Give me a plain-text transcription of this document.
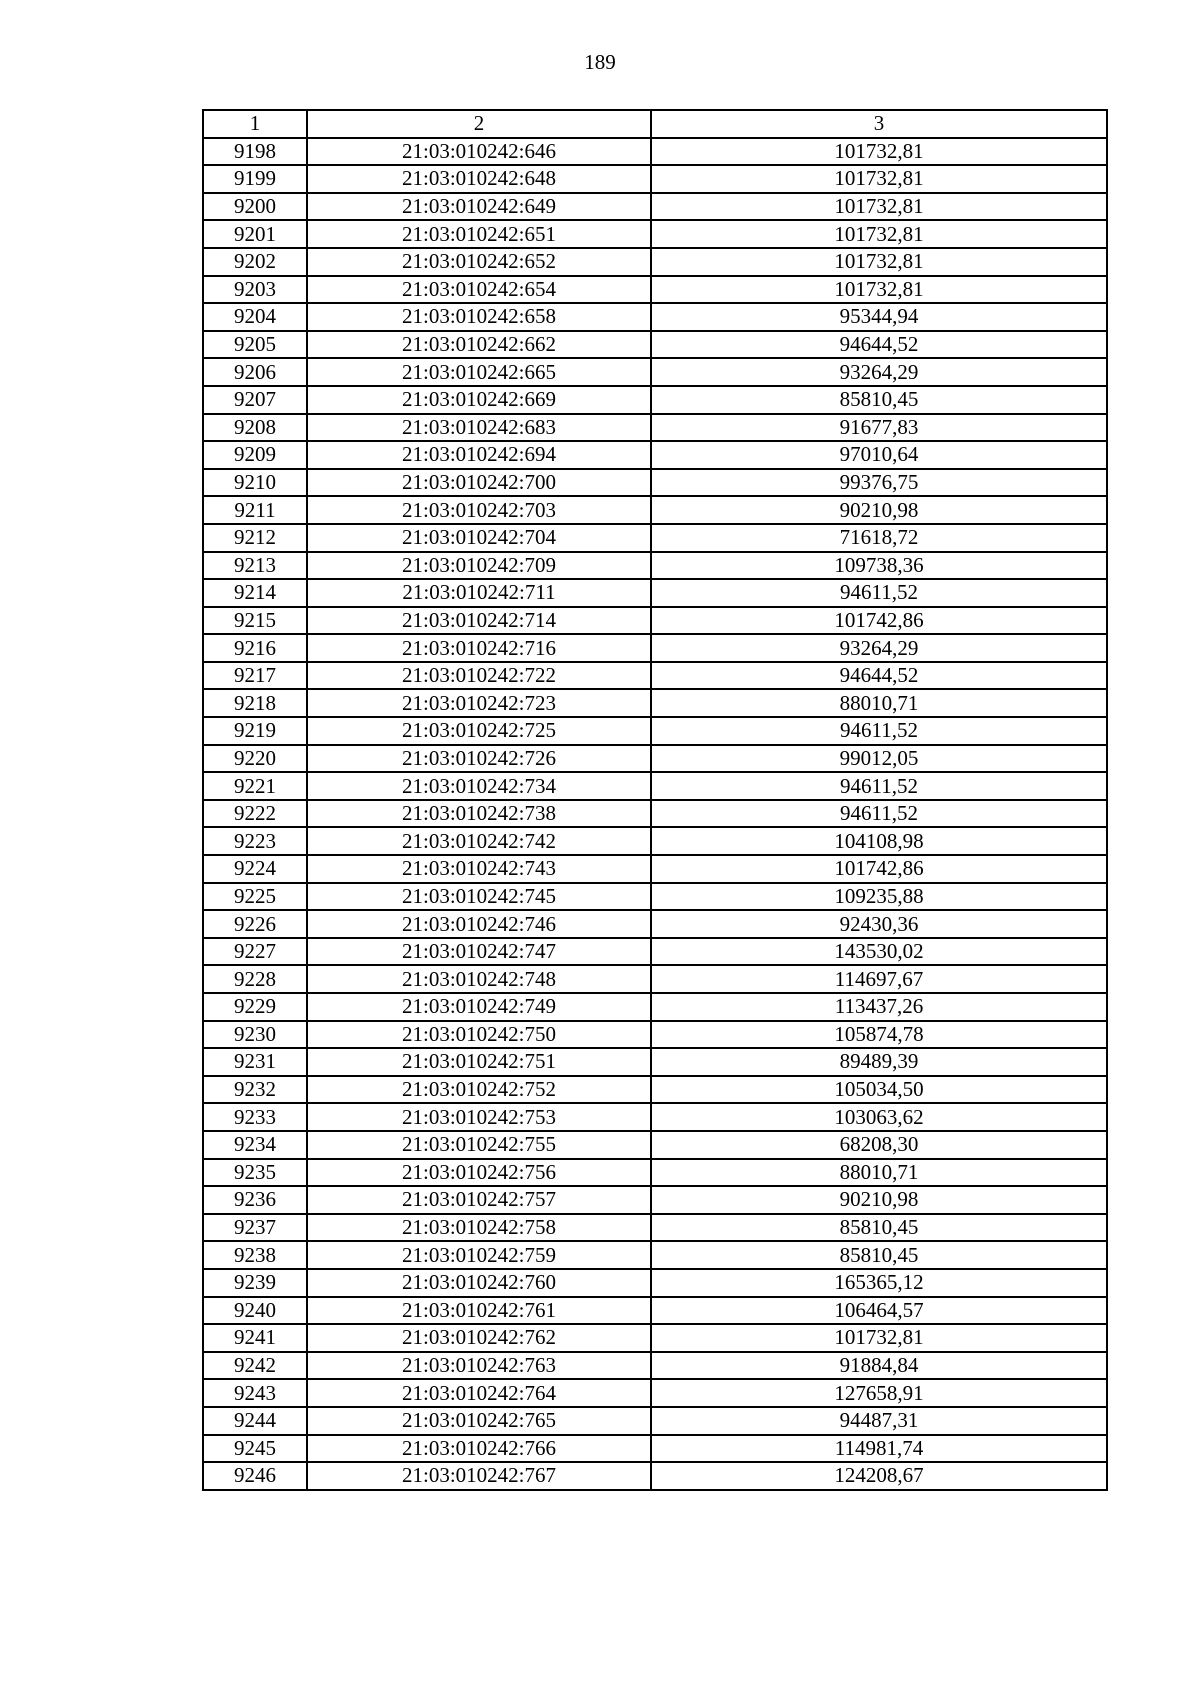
189
1	2	3
9198	21:03:010242:646	101732,81
9199	21:03:010242:648	101732,81
9200	21:03:010242:649	101732,81
9201	21:03:010242:651	101732,81
9202	21:03:010242:652	101732,81
9203	21:03:010242:654	101732,81
9204	21:03:010242:658	95344,94
9205	21:03:010242:662	94644,52
9206	21:03:010242:665	93264,29
9207	21:03:010242:669	85810,45
9208	21:03:010242:683	91677,83
9209	21:03:010242:694	97010,64
9210	21:03:010242:700	99376,75
9211	21:03:010242:703	90210,98
9212	21:03:010242:704	71618,72
9213	21:03:010242:709	109738,36
9214	21:03:010242:711	94611,52
9215	21:03:010242:714	101742,86
9216	21:03:010242:716	93264,29
9217	21:03:010242:722	94644,52
9218	21:03:010242:723	88010,71
9219	21:03:010242:725	94611,52
9220	21:03:010242:726	99012,05
9221	21:03:010242:734	94611,52
9222	21:03:010242:738	94611,52
9223	21:03:010242:742	104108,98
9224	21:03:010242:743	101742,86
9225	21:03:010242:745	109235,88
9226	21:03:010242:746	92430,36
9227	21:03:010242:747	143530,02
9228	21:03:010242:748	114697,67
9229	21:03:010242:749	113437,26
9230	21:03:010242:750	105874,78
9231	21:03:010242:751	89489,39
9232	21:03:010242:752	105034,50
9233	21:03:010242:753	103063,62
9234	21:03:010242:755	68208,30
9235	21:03:010242:756	88010,71
9236	21:03:010242:757	90210,98
9237	21:03:010242:758	85810,45
9238	21:03:010242:759	85810,45
9239	21:03:010242:760	165365,12
9240	21:03:010242:761	106464,57
9241	21:03:010242:762	101732,81
9242	21:03:010242:763	91884,84
9243	21:03:010242:764	127658,91
9244	21:03:010242:765	94487,31
9245	21:03:010242:766	114981,74
9246	21:03:010242:767	124208,67
